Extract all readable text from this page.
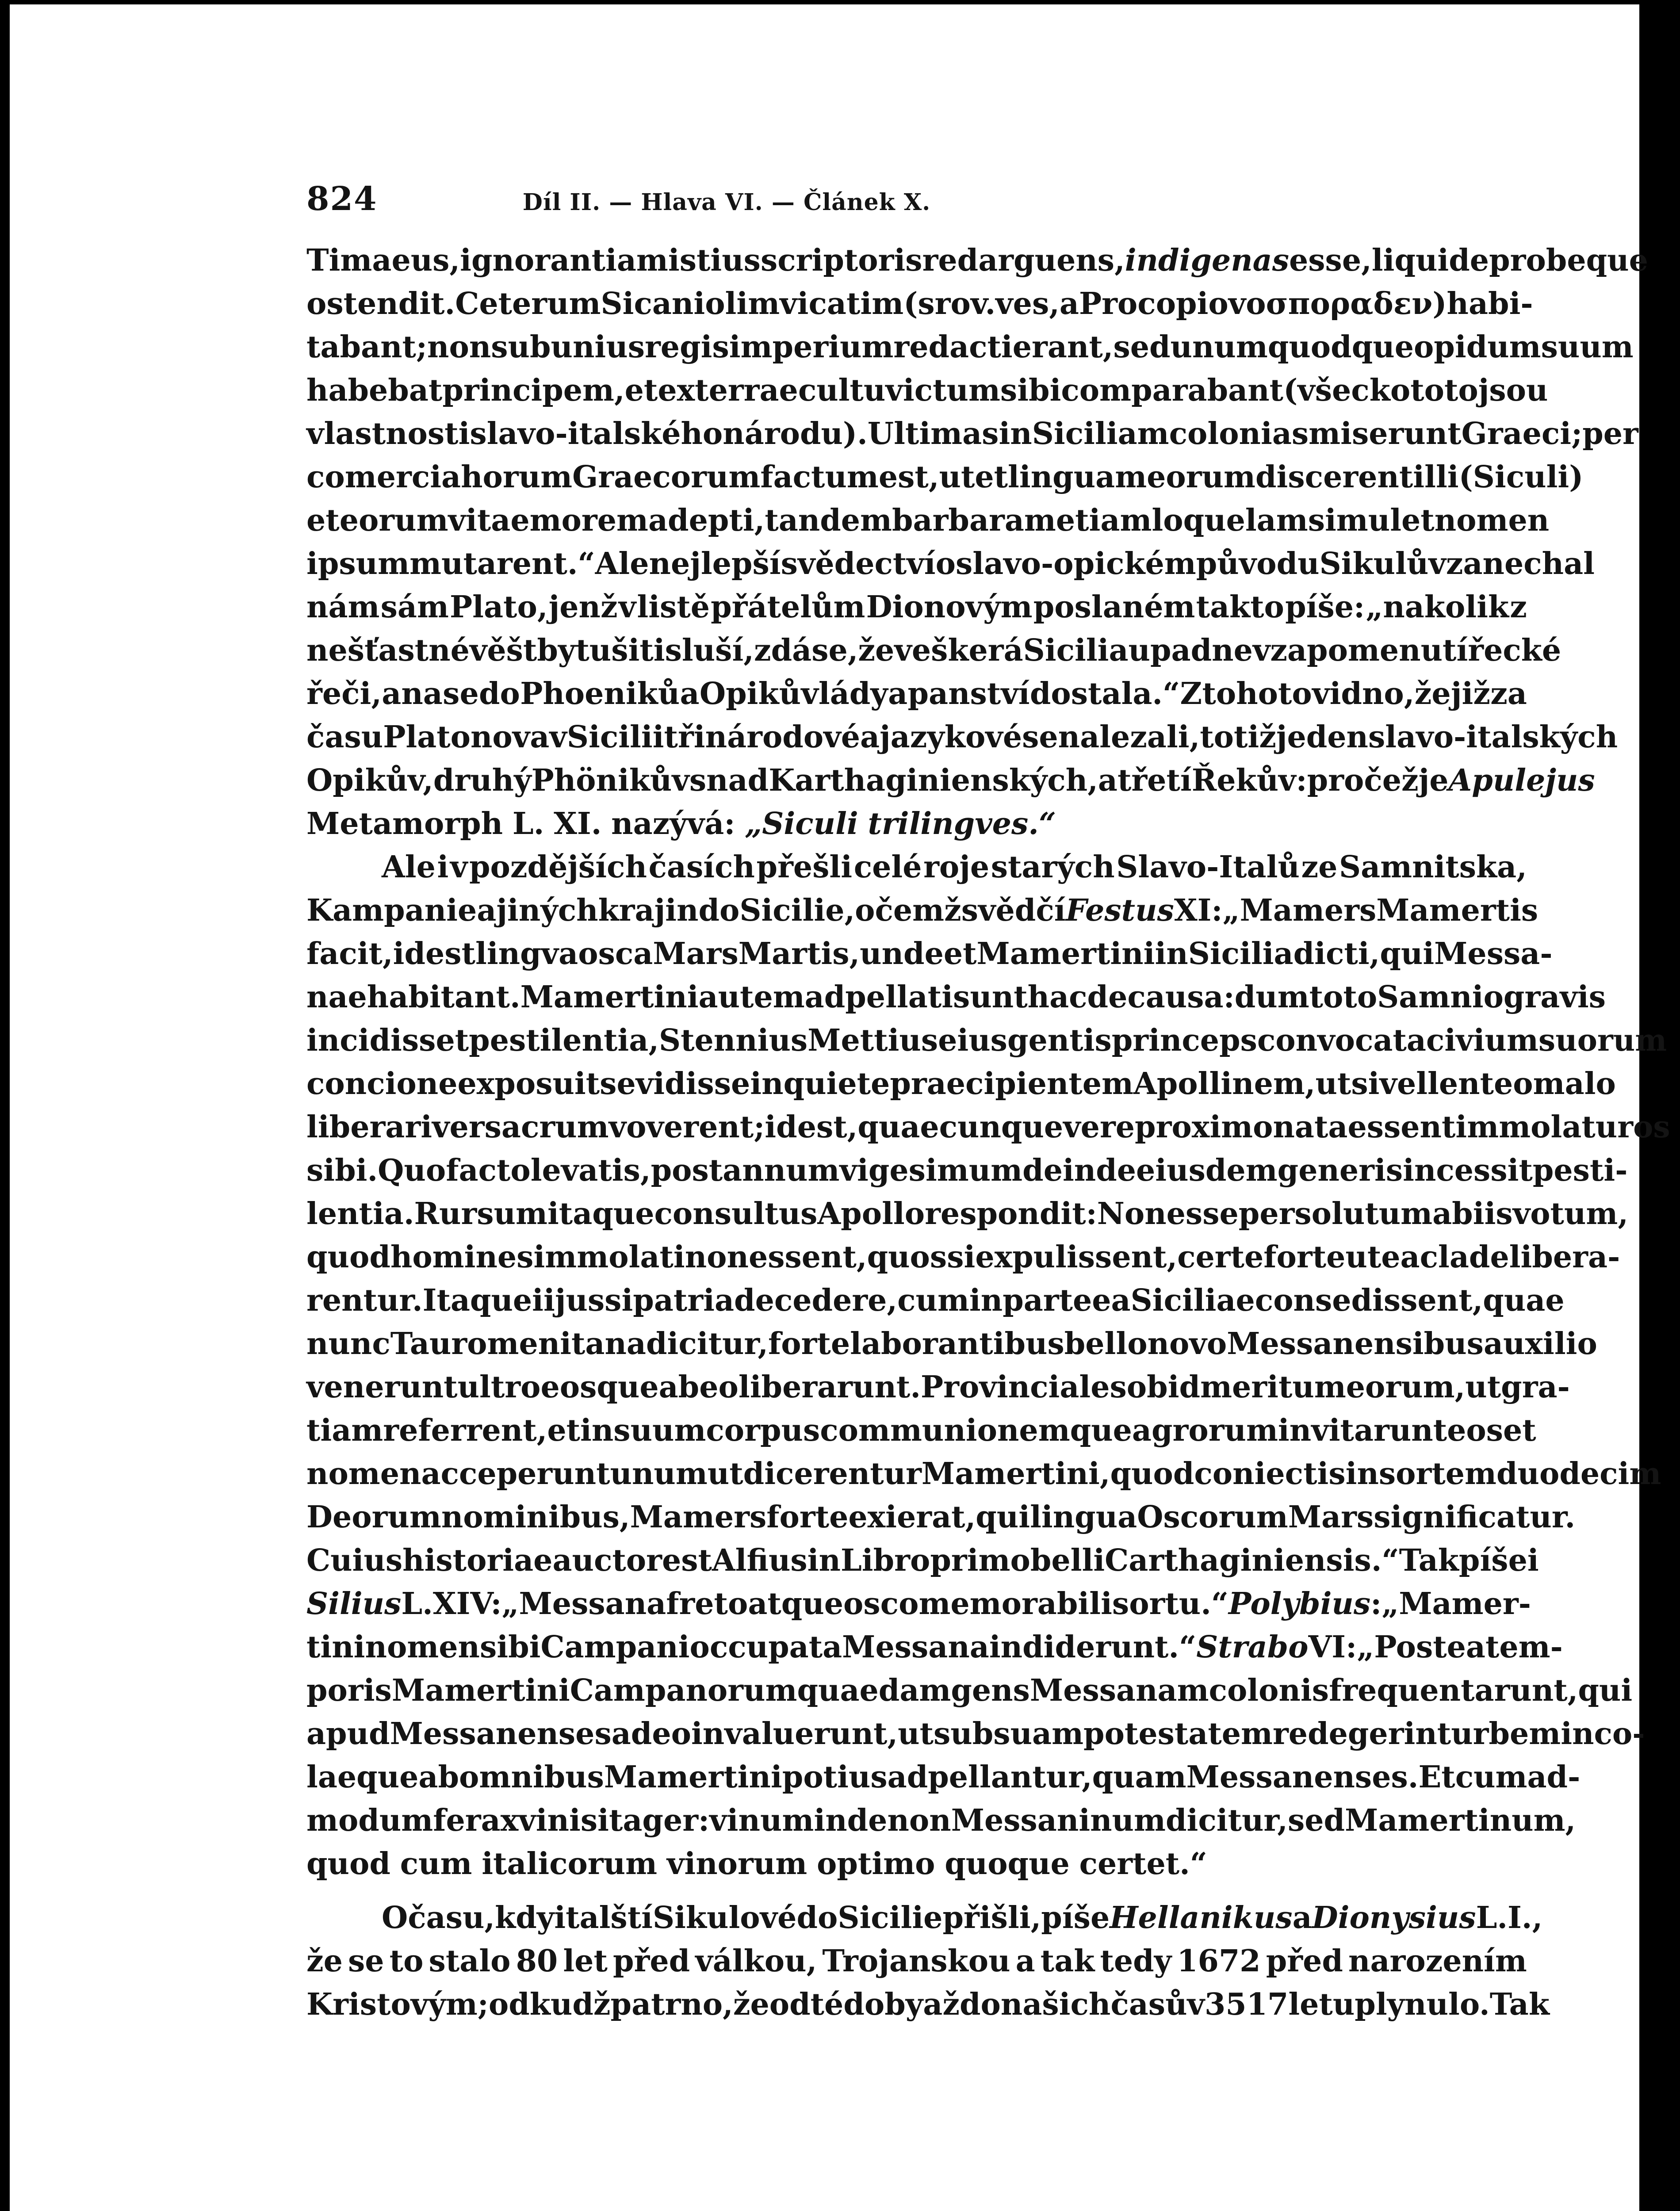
824	Díl II. — Hlava VI. — Článek X.
Timaeus, ignorantiam istius scriptoris redarguens, indigenas esse, liquide probeque
ostendit. Ceterum Sicani olim vicatim (srov. ves, a Procopiovo σποραδεν) habi-
tabant; non sub unius regis imperium redacti erant, sed unum quodque opidum suum
habebat principem, et ex terrae cultu victum sibi comparabant (všecko toto jsou
vlastnosti slavo-italského národu). Ultimas in Siciliam colonias miserunt Graeci; per
comercia horum Graecorum factum est, ut et linguam eorum discerent illi (Siculi)
et eorum vitae morem adepti, tandem barbaram etiam loquelam simul et nomen
ipsum mutarent.“ Ale nejlepší svědectví o slavo-opickém původu Sikulův zanechal
nám sám Plato, jenž v listě přátelům Dionovým poslaném takto píše: „nakolik z
nešťastné věštby tušiti sluší, zdá se, že veškerá Sicilia upadne v zapomenutí řecké
řeči, ana se do Phoeniků a Opiků vlády a panství dostala.“ Z tohoto vidno, že již za
času Platonova v Sicilii tři národové a jazykové se nalezali, totiž jeden slavo-italských
Opikův, druhý Phönikův snad Karthaginienských, a třetí Řekův: pročež je Apulejus
Metamorph L. XI. nazývá: „Siculi trilingves.“
Ale i v pozdějších časích přešli celé roje starých Slavo-Italů ze Samnitska,
Kampanie a jiných krajin do Sicilie, o čemž svědčí Festus XI: „Mamers Mamertis
facit, id est lingva osca Mars Martis, unde et Mamertini in Sicilia dicti, qui Messa-
nae habitant. Mamertini autem adpellati sunt hac de causa: dum toto Samnio gravis
incidisset pestilentia, Stennius Mettius eius gentis princeps convocata civium suorum
concione exposuit se vidisse in quiete praecipientem Apollinem, ut si vellent eo malo
liberari ver sacrum voverent; id est, quaecunque vere proximo nata essent immolaturos
sibi. Quo facto levatis, post annum vigesimum deinde eiusdem generis incessit pesti-
lentia. Rursu m itaque consultus Apollo respondit: Non esse persolutum abiis votum,
quod homines immolati non essent, quos si expulissent, certe forte ut ea clade libera-
rentur. Itaque ii jussi patria decedere, cum in parte ea Siciliae consedissent, quae
nunc Tauromenitana dicitur, forte laborantibus bello novo Messanensibus auxilio
venerunt ultro eosque ab eo liberarunt. Provinciales ob id meritum eorum, ut gra-
tiam referrent, et in suum corpus communionemque agrorum invitarunt eos et
nomen acceperunt unum ut dicerentur Mamertini, quod coniectis in sortem duodecim
Deorum nominibus, Mamers forte exierat, qui lingua Oscorum Mars significatur.
Cuius historiae auctor est Alfius in Libro primo belli Carthaginiensis.“ Tak píše i
Silius L. XIV: „Messana freto atque osco memorabilis ortu.“ Polybius: „Mamer-
tini nomen sibi Campani occupata Messana indiderunt.“ Strabo VI: „Postea tem-
poris Mamertini Campanorum quaedam gens Messanam colonis frequentarunt, qui
apud Messanenses adeo invaluerunt, ut sub suam potestatem redegerint urbem inco-
laeque ab omnibus Mamertini potius adpellantur, quam Messanenses. Et cum ad-
modum ferax vini sit ager: vinum inde non Messaninum dicitur, sed Mamertinum,
quod cum italicorum vinorum optimo quoque certet.“
O času, kdy italští Sikulové do Sicilie přišli, píše Hellanikus a Dionysius L. I.,
že se to stalo 80 let před válkou, Trojanskou a tak tedy 1672 před narozením
Kristovým; odkudž patrno, že od té doby až do našich časův 3517 let uplynulo. Tak
